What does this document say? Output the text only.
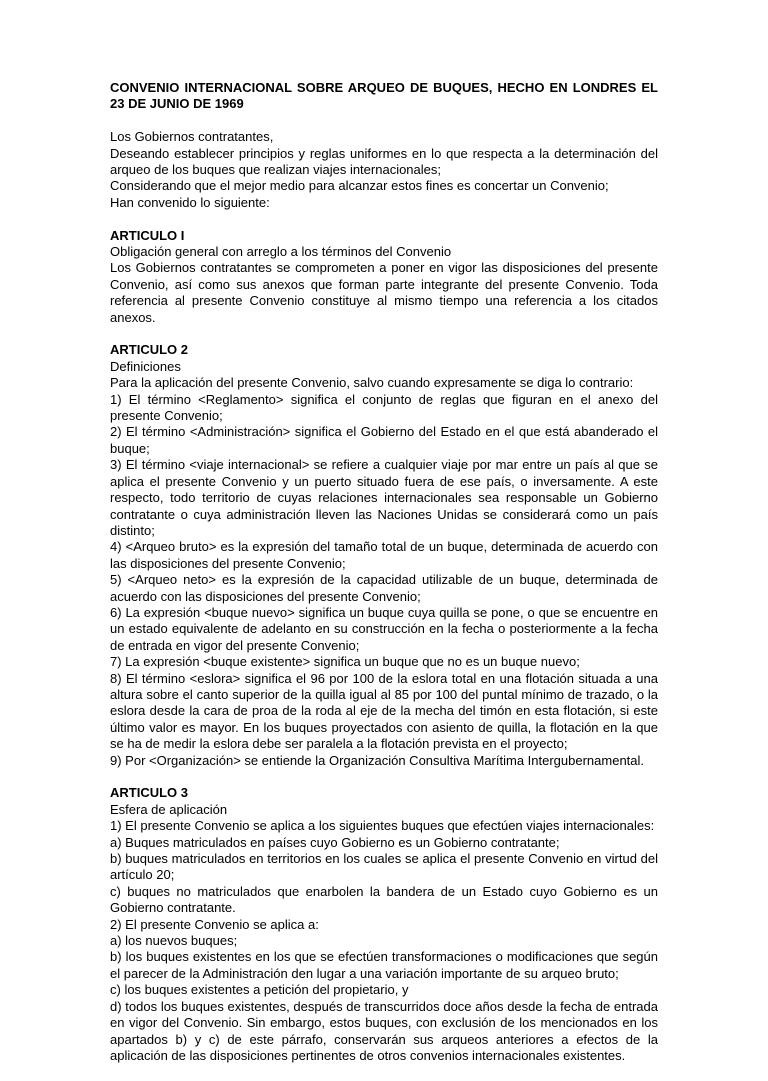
CONVENIO INTERNACIONAL SOBRE ARQUEO DE BUQUES, HECHO EN LONDRES EL 23 DE JUNIO DE 1969

Los Gobiernos contratantes,

Deseando establecer principios y reglas uniformes en lo que respecta a la determinación del arqueo de los buques que realizan viajes internacionales;

Considerando que el mejor medio para alcanzar estos fines es concertar un Convenio;

Han convenido lo siguiente:

ARTICULO I

Obligación general con arreglo a los términos del Convenio

Los Gobiernos contratantes se comprometen a poner en vigor las disposiciones del presente Convenio, así como sus anexos que forman parte integrante del presente Convenio. Toda referencia al presente Convenio constituye al mismo tiempo una referencia a los citados anexos.

ARTICULO 2

Definiciones

Para la aplicación del presente Convenio, salvo cuando expresamente se diga lo contrario:

1) El término <Reglamento> significa el conjunto de reglas que figuran en el anexo del presente Convenio;

2) El término <Administración> significa el Gobierno del Estado en el que está abanderado el buque;

3) El término <viaje internacional> se refiere a cualquier viaje por mar entre un país al que se aplica el presente Convenio y un puerto situado fuera de ese país, o inversamente. A este respecto, todo territorio de cuyas relaciones internacionales sea responsable un Gobierno contratante o cuya administración lleven las Naciones Unidas se considerará como un país distinto;

4) <Arqueo bruto> es la expresión del tamaño total de un buque, determinada de acuerdo con las disposiciones del presente Convenio;

5) <Arqueo neto> es la expresión de la capacidad utilizable de un buque, determinada de acuerdo con las disposiciones del presente Convenio;

6) La expresión <buque nuevo> significa un buque cuya quilla se pone, o que se encuentre en un estado equivalente de adelanto en su construcción en la fecha o posteriormente a la fecha de entrada en vigor del presente Convenio;

7) La expresión <buque existente> significa un buque que no es un buque nuevo;

8) El término <eslora> significa el 96 por 100 de la eslora total en una flotación situada a una altura sobre el canto superior de la quilla igual al 85 por 100 del puntal mínimo de trazado, o la eslora desde la cara de proa de la roda al eje de la mecha del timón en esta flotación, si este último valor es mayor. En los buques proyectados con asiento de quilla, la flotación en la que se ha de medir la eslora debe ser paralela a la flotación prevista en el proyecto;

9) Por <Organización> se entiende la Organización Consultiva Marítima Intergubernamental.

ARTICULO 3

Esfera de aplicación

1) El presente Convenio se aplica a los siguientes buques que efectúen viajes internacionales:

a) Buques matriculados en países cuyo Gobierno es un Gobierno contratante;

b) buques matriculados en territorios en los cuales se aplica el presente Convenio en virtud del artículo 20;

c) buques no matriculados que enarbolen la bandera de un Estado cuyo Gobierno es un Gobierno contratante.

2) El presente Convenio se aplica a:

a) los nuevos buques;

b) los buques existentes en los que se efectúen transformaciones o modificaciones que según el parecer de la Administración den lugar a una variación importante de su arqueo bruto;

c) los buques existentes a petición del propietario, y

d) todos los buques existentes, después de transcurridos doce años desde la fecha de entrada en vigor del Convenio. Sin embargo, estos buques, con exclusión de los mencionados en los apartados b) y c) de este párrafo, conservarán sus arqueos anteriores a efectos de la aplicación de las disposiciones pertinentes de otros convenios internacionales existentes.
